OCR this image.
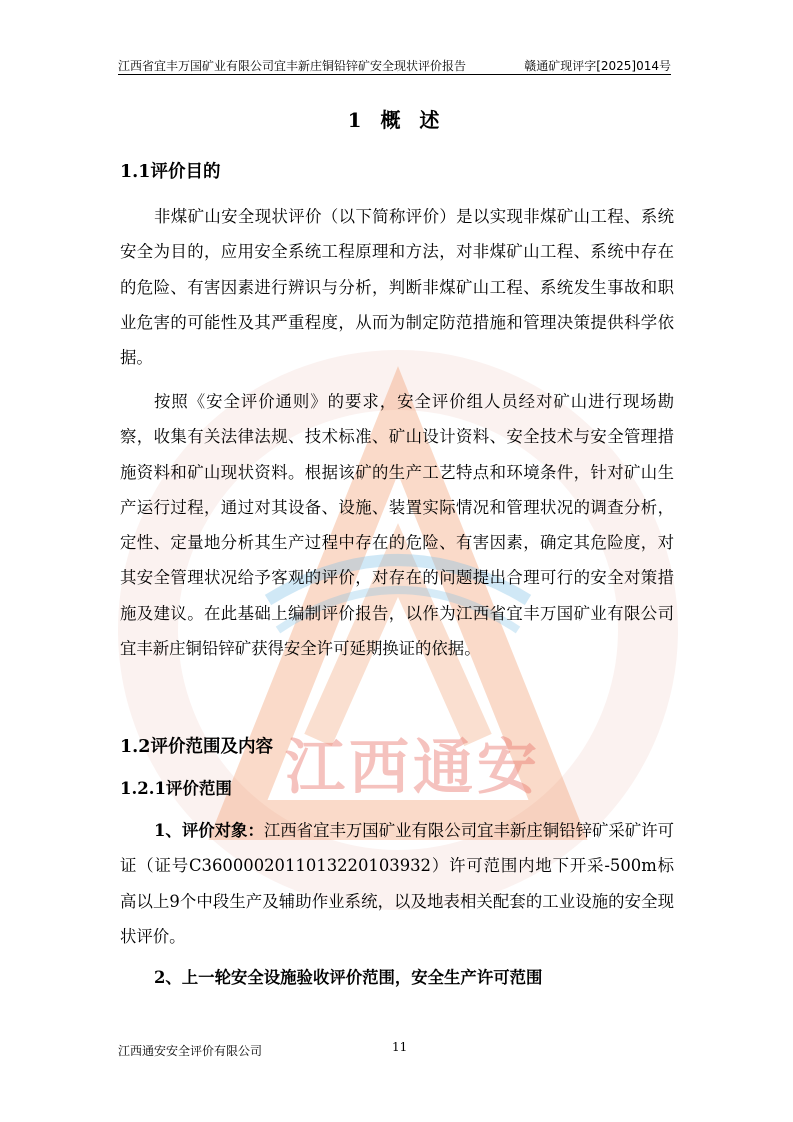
江西通安
江西省宜丰万国矿业有限公司宜丰新庄铜铅锌矿安全现状评价报告	赣通矿现评字[2025]014号
1 概 述
1.1评价目的

非煤矿山安全现状评价（以下简称评价）是以实现非煤矿山工程、系统安全为目的，应用安全系统工程原理和方法，对非煤矿山工程、系统中存在的危险、有害因素进行辨识与分析，判断非煤矿山工程、系统发生事故和职业危害的可能性及其严重程度，从而为制定防范措施和管理决策提供科学依据。

按照《安全评价通则》的要求，安全评价组人员经对矿山进行现场勘察，收集有关法律法规、技术标准、矿山设计资料、安全技术与安全管理措施资料和矿山现状资料。根据该矿的生产工艺特点和环境条件，针对矿山生产运行过程，通过对其设备、设施、装置实际情况和管理状况的调查分析，定性、定量地分析其生产过程中存在的危险、有害因素，确定其危险度，对其安全管理状况给予客观的评价，对存在的问题提出合理可行的安全对策措施及建议。在此基础上编制评价报告，以作为江西省宜丰万国矿业有限公司宜丰新庄铜铅锌矿获得安全许可延期换证的依据。

1.2评价范围及内容
1.2.1评价范围

1、评价对象：江西省宜丰万国矿业有限公司宜丰新庄铜铅锌矿采矿许可证（证号C3600002011013220103932）许可范围内地下开采-500m标高以上9个中段生产及辅助作业系统，以及地表相关配套的工业设施的安全现状评价。

2、上一轮安全设施验收评价范围，安全生产许可范围

江西通安安全评价有限公司	11
